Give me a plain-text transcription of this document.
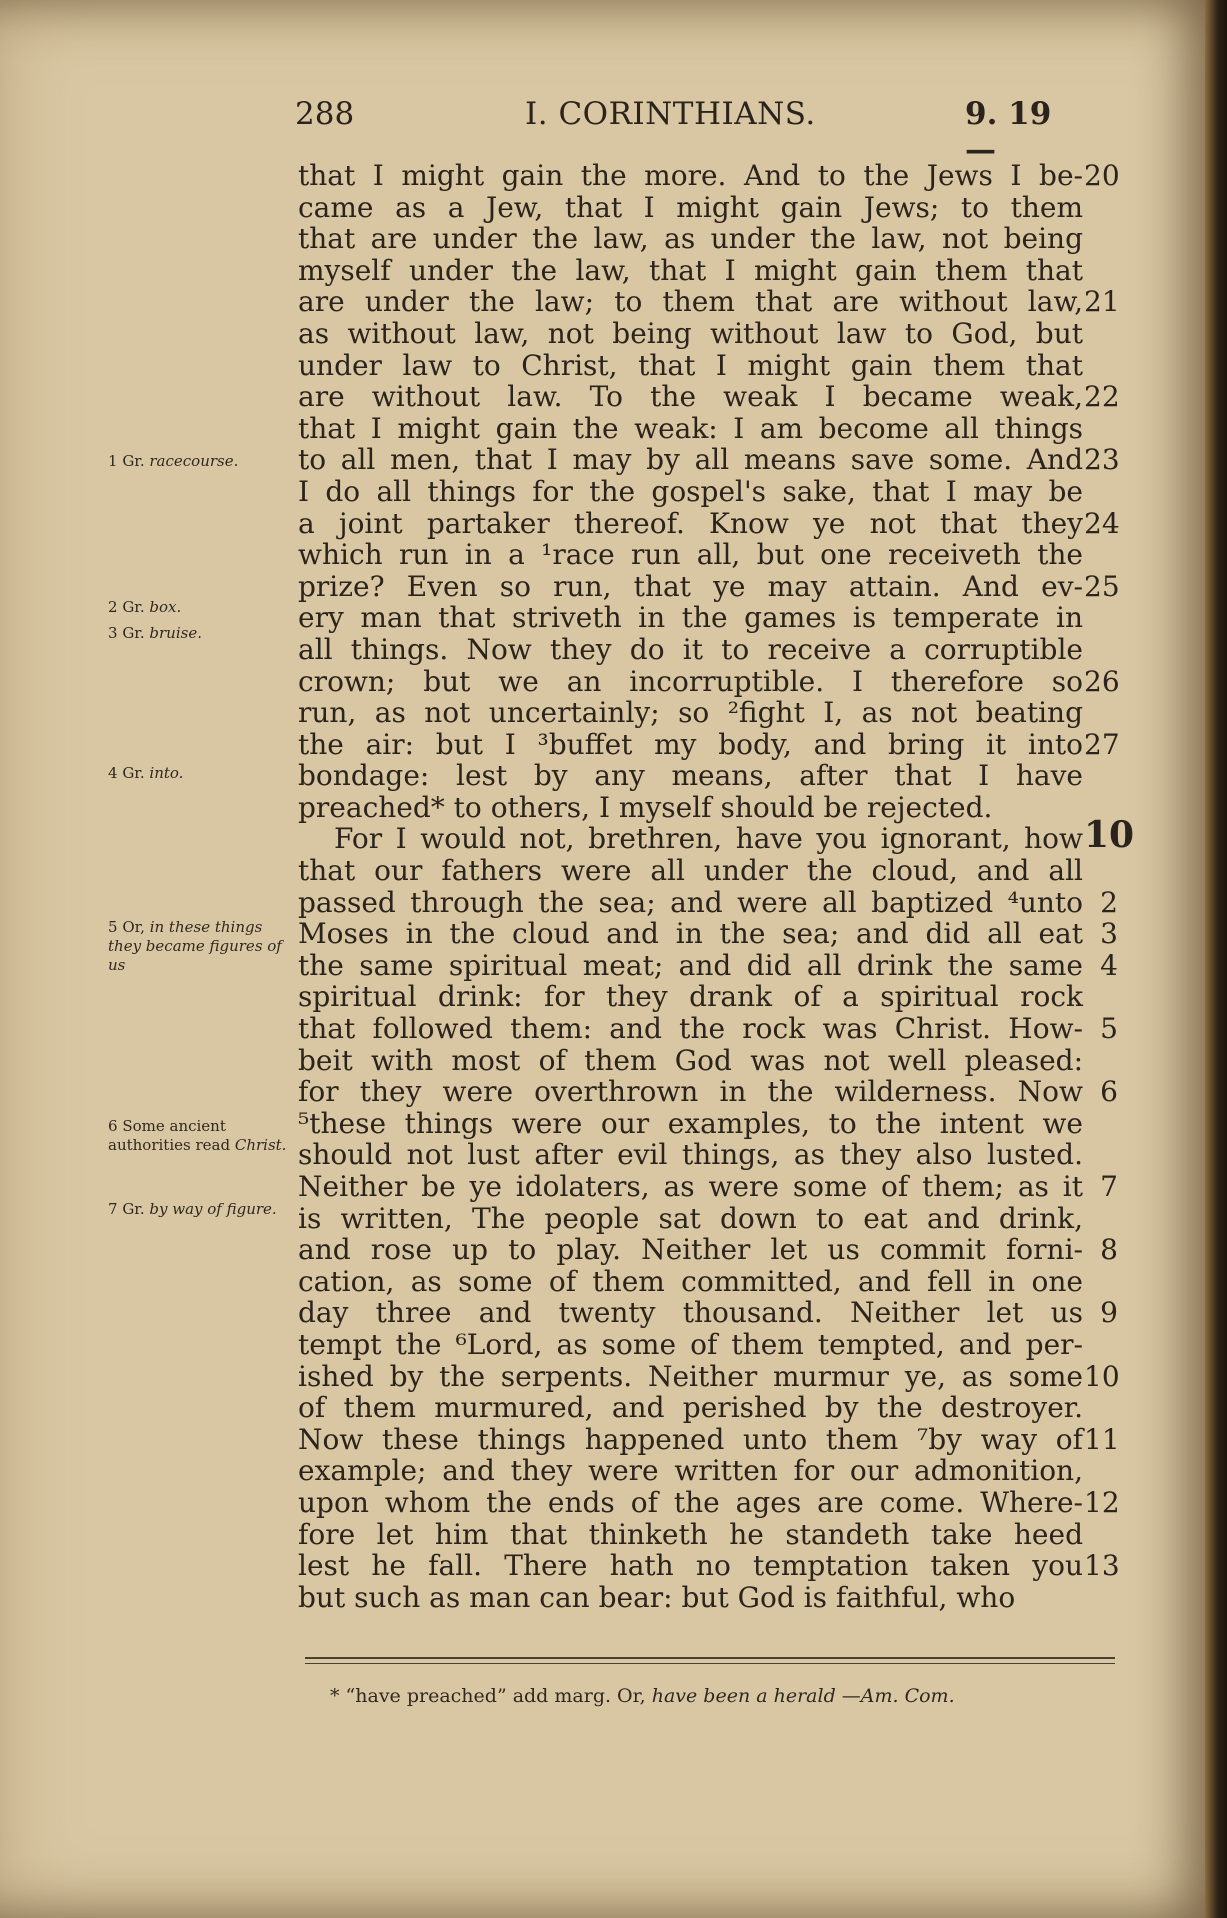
288	I. CORINTHIANS.	9. 19—
that I might gain the more. And to the Jews I be- 20
came as a Jew, that I might gain Jews; to them
that are under the law, as under the law, not being
myself under the law, that I might gain them that
are under the law; to them that are without law, 21
as without law, not being without law to God, but
under law to Christ, that I might gain them that
are without law. To the weak I became weak, 22
that I might gain the weak: I am become all things
to all men, that I may by all means save some. And 23
I do all things for the gospel's sake, that I may be
a joint partaker thereof. Know ye not that they 24
which run in a ¹race run all, but one receiveth the
prize? Even so run, that ye may attain. And ev- 25
ery man that striveth in the games is temperate in
all things. Now they do it to receive a corruptible
crown; but we an incorruptible. I therefore so 26
run, as not uncertainly; so ²fight I, as not beating
the air: but I ³buffet my body, and bring it into 27
bondage: lest by any means, after that I have
preached* to others, I myself should be rejected.
For I would not, brethren, have you ignorant, how 10
that our fathers were all under the cloud, and all
passed through the sea; and were all baptized ⁴unto 2
Moses in the cloud and in the sea; and did all eat 3
the same spiritual meat; and did all drink the same 4
spiritual drink: for they drank of a spiritual rock
that followed them: and the rock was Christ. How- 5
beit with most of them God was not well pleased:
for they were overthrown in the wilderness. Now 6
⁵these things were our examples, to the intent we
should not lust after evil things, as they also lusted.
Neither be ye idolaters, as were some of them; as it 7
is written, The people sat down to eat and drink,
and rose up to play. Neither let us commit forni- 8
cation, as some of them committed, and fell in one
day three and twenty thousand. Neither let us 9
tempt the ⁶Lord, as some of them tempted, and per-
ished by the serpents. Neither murmur ye, as some 10
of them murmured, and perished by the destroyer.
Now these things happened unto them ⁷by way of 11
example; and they were written for our admonition,
upon whom the ends of the ages are come. Where- 12
fore let him that thinketh he standeth take heed
lest he fall. There hath no temptation taken you 13
but such as man can bear: but God is faithful, who
* “have preached” add marg. Or, have been a herald —Am. Com.
1 Gr. racecourse.
2 Gr. box.
3 Gr. bruise.
4 Gr. into.
5 Or, in these things they became figures of us
6 Some ancient authorities read Christ.
7 Gr. by way of figure.
